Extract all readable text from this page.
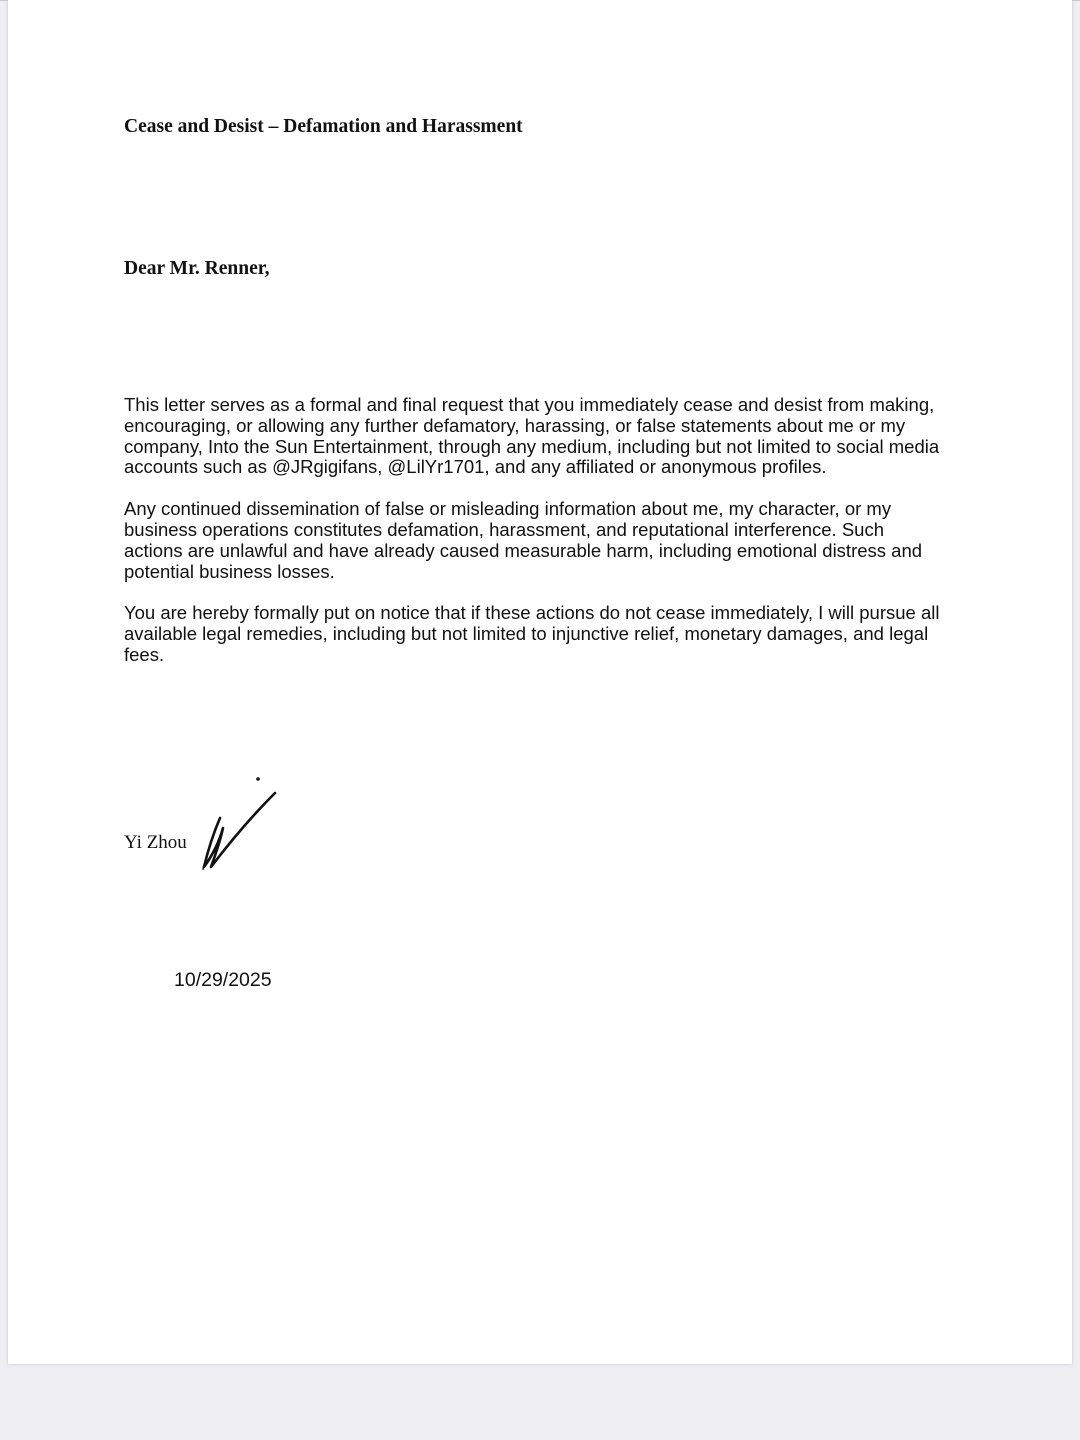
Cease and Desist – Defamation and Harassment
Dear Mr. Renner,

This letter serves as a formal and final request that you immediately cease and desist from making, encouraging, or allowing any further defamatory, harassing, or false statements about me or my company, Into the Sun Entertainment, through any medium, including but not limited to social media accounts such as @JRgigifans, @LilYr1701, and any affiliated or anonymous profiles.

Any continued dissemination of false or misleading information about me, my character, or my business operations constitutes defamation, harassment, and reputational interference. Such actions are unlawful and have already caused measurable harm, including emotional distress and potential business losses.

You are hereby formally put on notice that if these actions do not cease immediately, I will pursue all available legal remedies, including but not limited to injunctive relief, monetary damages, and legal fees.

Yi Zhou
10/29/2025
